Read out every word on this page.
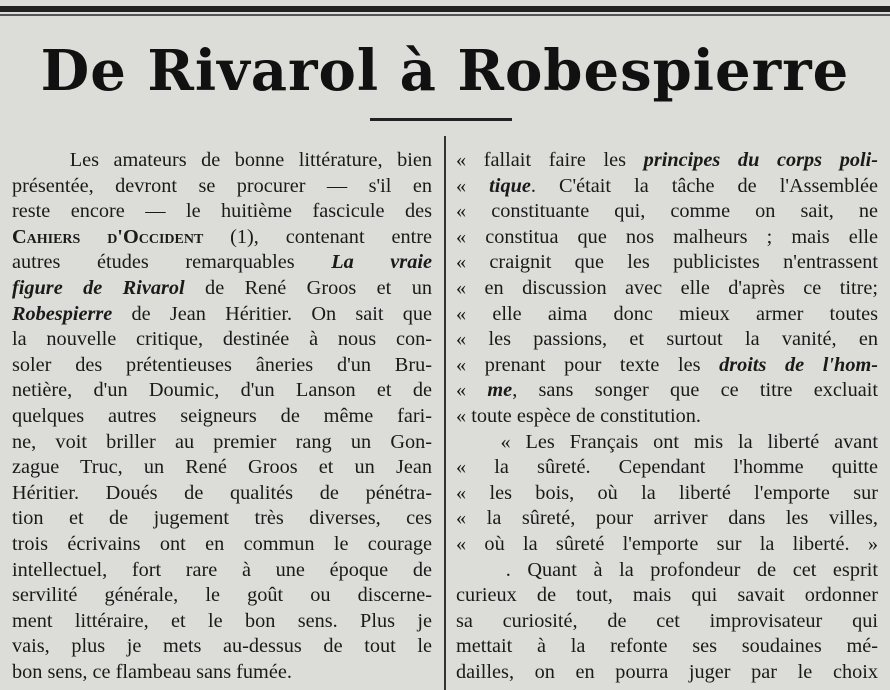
De Rivarol à Robespierre
Les amateurs de bonne littérature, bien
présentée, devront se procurer — s'il en
reste encore — le huitième fascicule des
Cahiers d'Occident (1), contenant entre
autres études remarquables La vraie
figure de Rivarol de René Groos et un
Robespierre de Jean Héritier. On sait que
la nouvelle critique, destinée à nous con-
soler des prétentieuses âneries d'un Bru-
netière, d'un Doumic, d'un Lanson et de
quelques autres seigneurs de même fari-
ne, voit briller au premier rang un Gon-
zague Truc, un René Groos et un Jean
Héritier. Doués de qualités de pénétra-
tion et de jugement très diverses, ces
trois écrivains ont en commun le courage
intellectuel, fort rare à une époque de
servilité générale, le goût ou discerne-
ment littéraire, et le bon sens. Plus je
vais, plus je mets au-dessus de tout le
bon sens, ce flambeau sans fumée.
« fallait faire les principes du corps poli-
« tique. C'était la tâche de l'Assemblée
« constituante qui, comme on sait, ne
« constitua que nos malheurs ; mais elle
« craignit que les publicistes n'entrassent
« en discussion avec elle d'après ce titre;
« elle aima donc mieux armer toutes
« les passions, et surtout la vanité, en
« prenant pour texte les droits de l'hom-
« me, sans songer que ce titre excluait
« toute espèce de constitution.
« Les Français ont mis la liberté avant
« la sûreté. Cependant l'homme quitte
« les bois, où la liberté l'emporte sur
« la sûreté, pour arriver dans les villes,
« où la sûreté l'emporte sur la liberté. »
. Quant à la profondeur de cet esprit
curieux de tout, mais qui savait ordonner
sa curiosité, de cet improvisateur qui
mettait à la refonte ses soudaines mé-
dailles, on en pourra juger par le choix
